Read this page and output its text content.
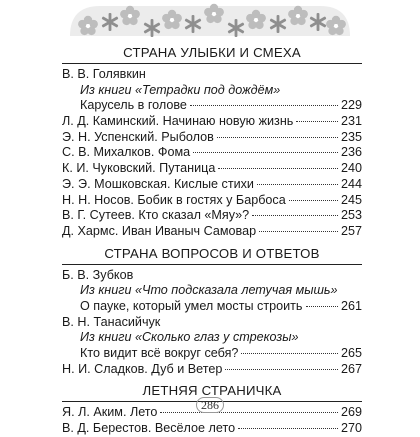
СТРАНА УЛЫБКИ И СМЕХА
В. В. Голявкин
Из книги «Тетрадки под дождём»
Карусель в голове	229
Л. Д. Каминский. Начинаю новую жизнь	231
Э. Н. Успенский. Рыболов	235
С. В. Михалков. Фома	236
К. И. Чуковский. Путаница	240
Э. Э. Мошковская. Кислые стихи	244
Н. Н. Носов. Бобик в гостях у Барбоса	245
В. Г. Сутеев. Кто сказал «Мяу»?	253
Д. Хармс. Иван Иваныч Самовар	257
СТРАНА ВОПРОСОВ И ОТВЕТОВ
Б. В. Зубков
Из книги «Что подсказала летучая мышь»
О пауке, который умел мосты строить	261
В. Н. Танасийчук
Из книги «Сколько глаз у стрекозы»
Кто видит всё вокруг себя?	265
Н. И. Сладков. Дуб и Ветер	267
ЛЕТНЯЯ СТРАНИЧКА
Я. Л. Аким. Лето	269
В. Д. Берестов. Весёлое лето	270
286
